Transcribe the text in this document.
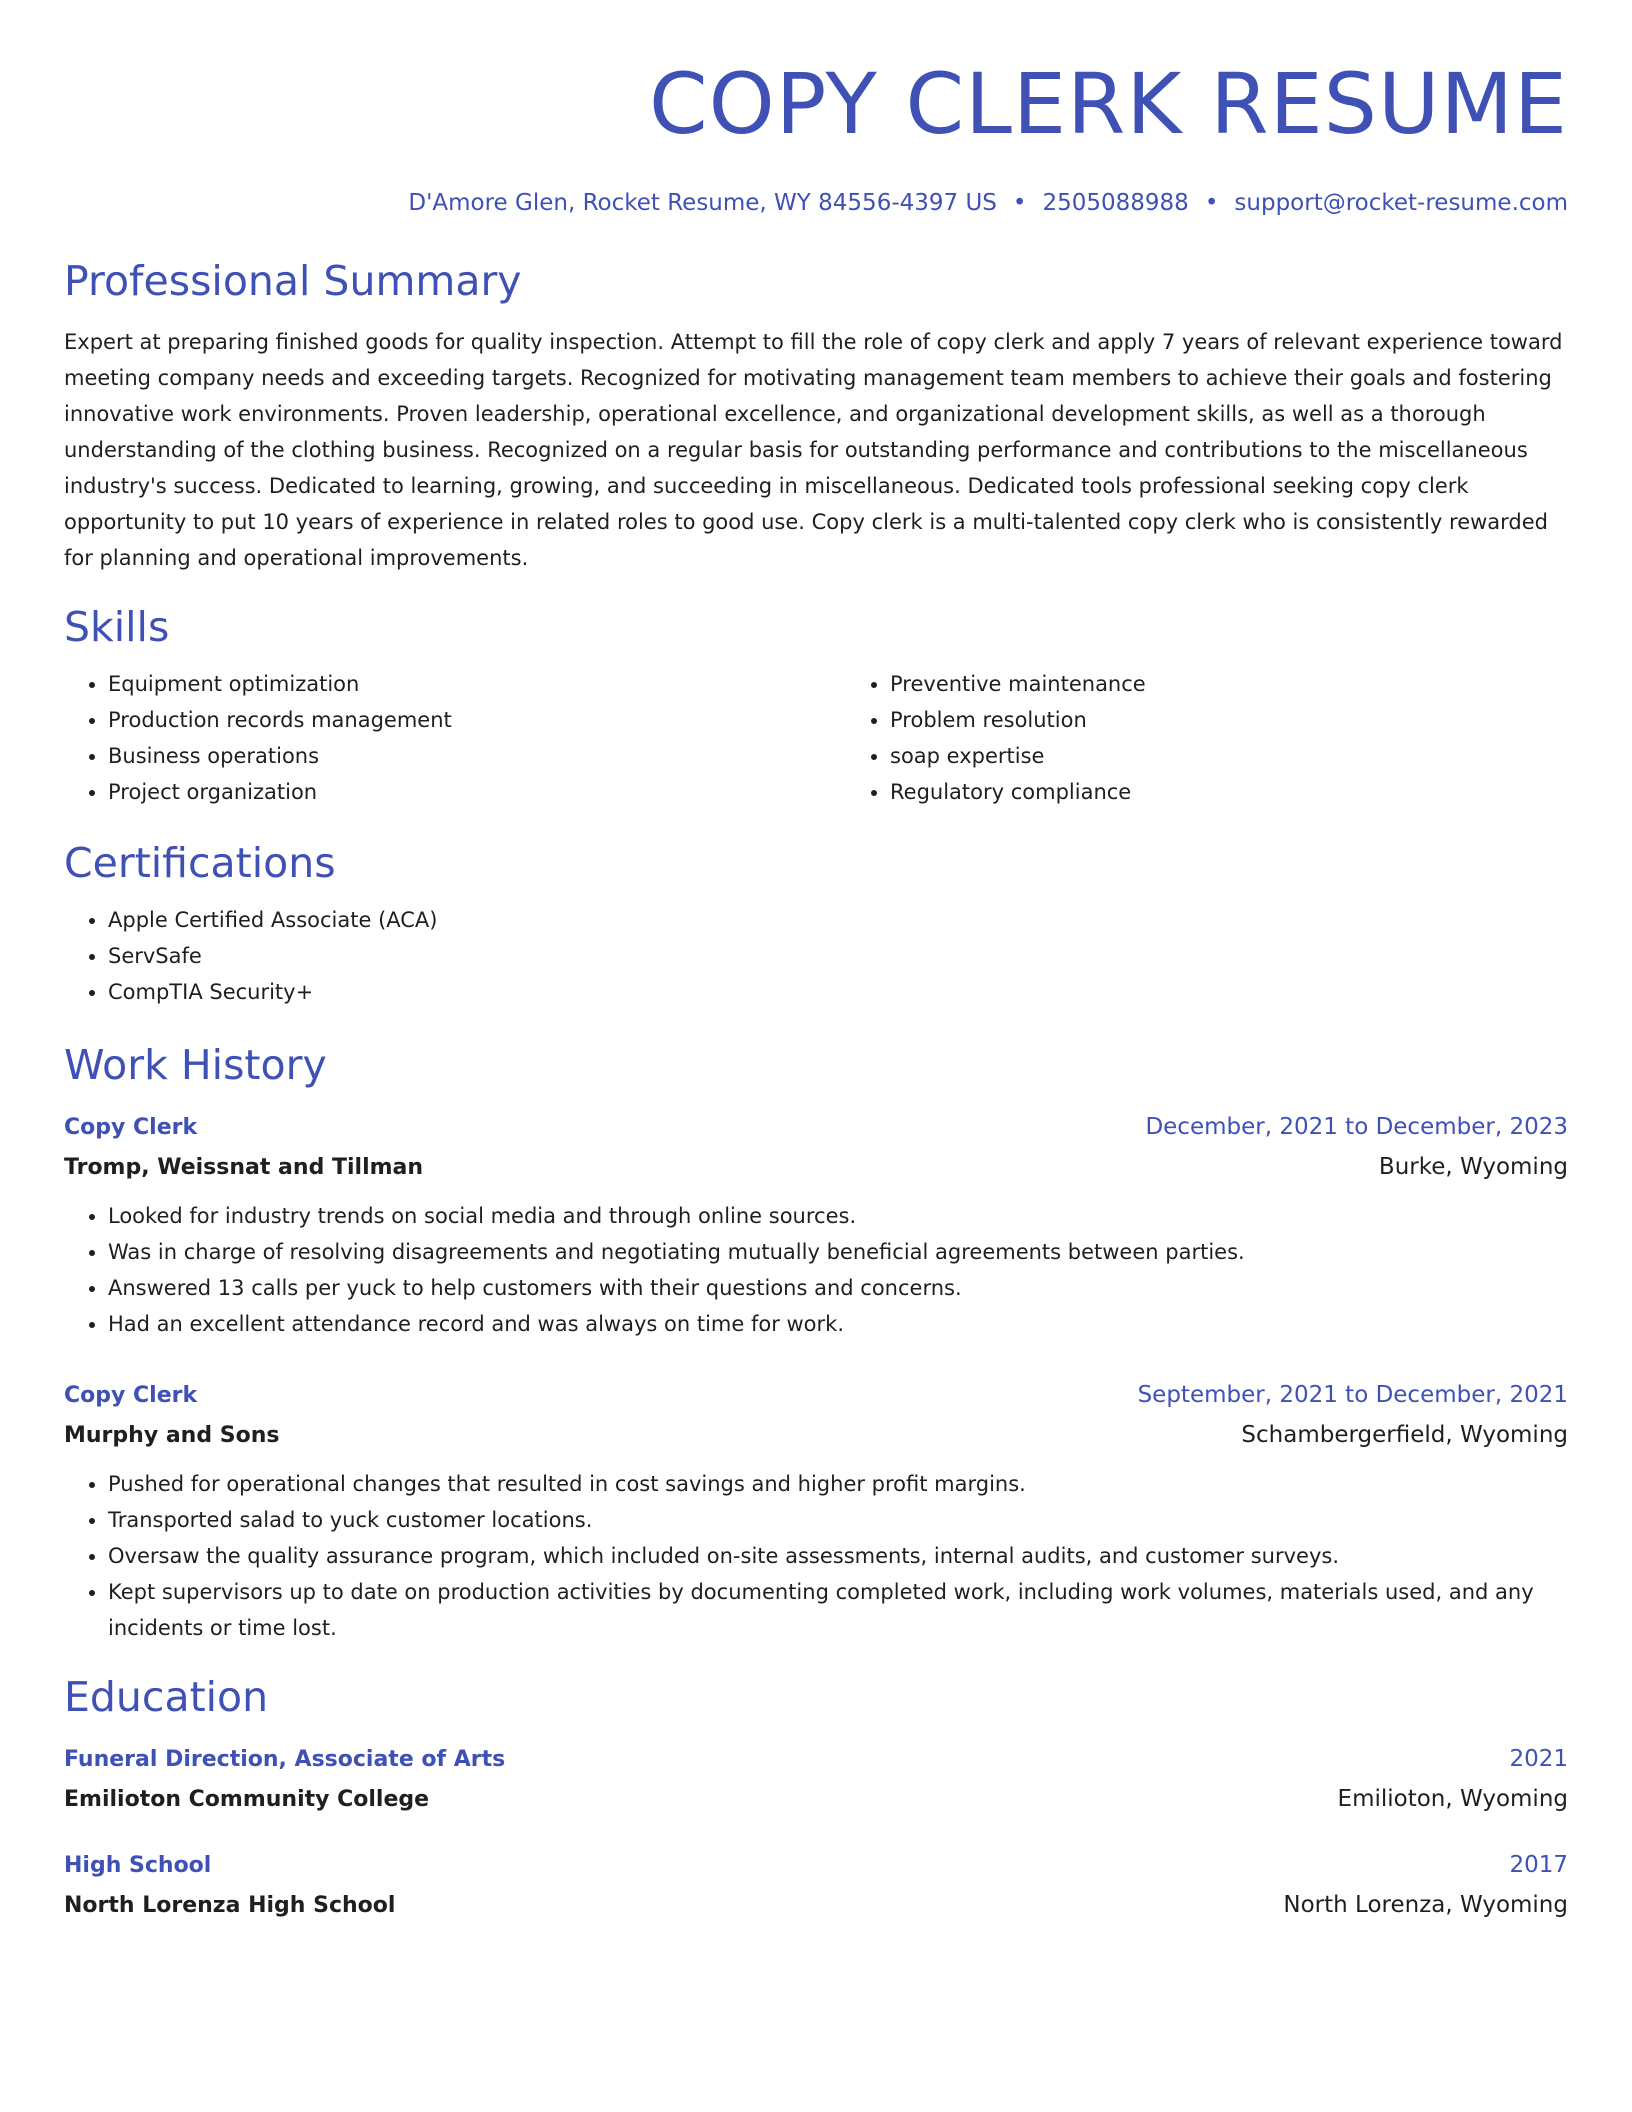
COPY CLERK RESUME
D'Amore Glen, Rocket Resume, WY 84556-4397 US • 2505088988 • support@rocket-resume.com
Professional Summary

Expert at preparing finished goods for quality inspection. Attempt to fill the role of copy clerk and apply 7 years of relevant experience toward meeting company needs and exceeding targets. Recognized for motivating management team members to achieve their goals and fostering innovative work environments. Proven leadership, operational excellence, and organizational development skills, as well as a thorough understanding of the clothing business. Recognized on a regular basis for outstanding performance and contributions to the miscellaneous industry's success. Dedicated to learning, growing, and succeeding in miscellaneous. Dedicated tools professional seeking copy clerk opportunity to put 10 years of experience in related roles to good use. Copy clerk is a multi-talented copy clerk who is consistently rewarded for planning and operational improvements.

Skills
• Equipment optimization
• Production records management
• Business operations
• Project organization
• Preventive maintenance
• Problem resolution
• soap expertise
• Regulatory compliance
Certifications
• Apple Certified Associate (ACA)
• ServSafe
• CompTIA Security+
Work History
Copy Clerk	December, 2021 to December, 2023
Tromp, Weissnat and Tillman	Burke, Wyoming
• Looked for industry trends on social media and through online sources.
• Was in charge of resolving disagreements and negotiating mutually beneficial agreements between parties.
• Answered 13 calls per yuck to help customers with their questions and concerns.
• Had an excellent attendance record and was always on time for work.
Copy Clerk	September, 2021 to December, 2021
Murphy and Sons	Schambergerfield, Wyoming
• Pushed for operational changes that resulted in cost savings and higher profit margins.
• Transported salad to yuck customer locations.
• Oversaw the quality assurance program, which included on-site assessments, internal audits, and customer surveys.
• Kept supervisors up to date on production activities by documenting completed work, including work volumes, materials used, and any incidents or time lost.
Education
Funeral Direction, Associate of Arts	2021
Emilioton Community College	Emilioton, Wyoming
High School	2017
North Lorenza High School	North Lorenza, Wyoming
